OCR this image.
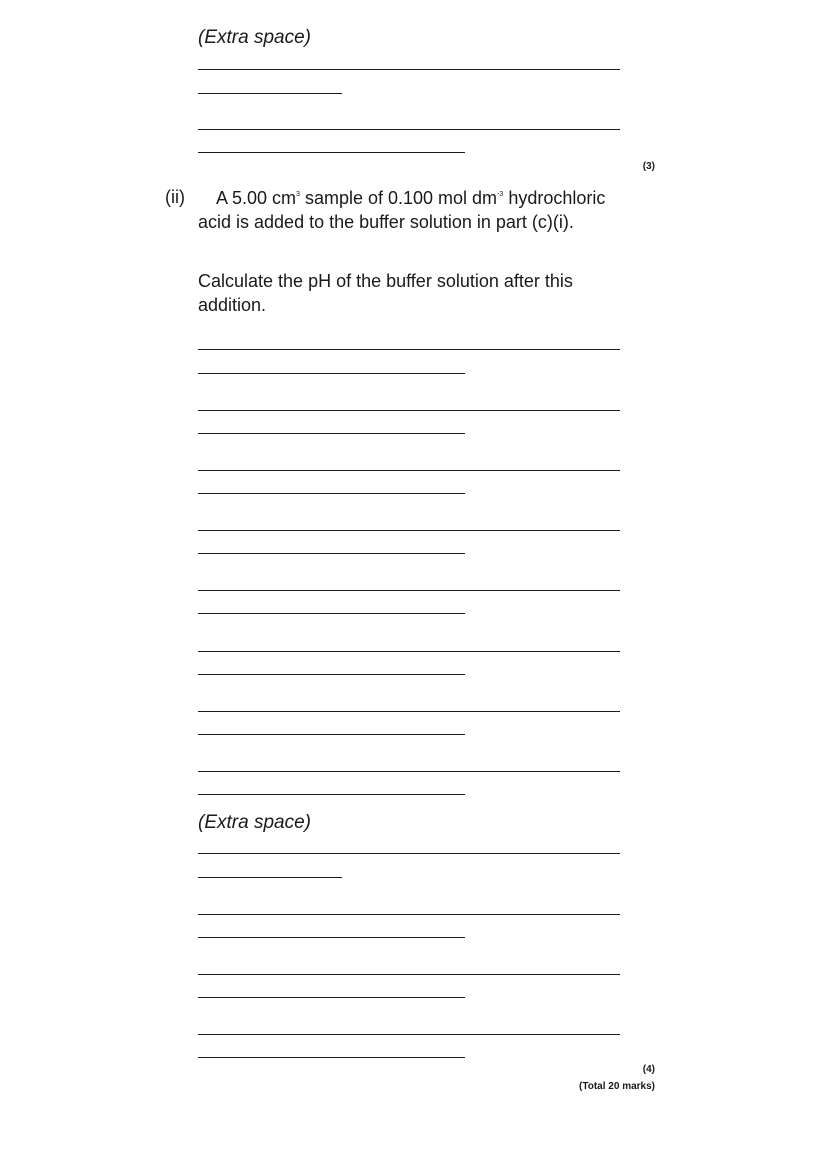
(Extra space)
(3)
(ii)	A 5.00 $cm^3$ sample of 0.100 mol $dm^{-3}$ hydrochloric acid is added to the buffer solution in part (c)(i).
Calculate the pH of the buffer solution after this addition.
(Extra space)
(4)
(Total 20 marks)
